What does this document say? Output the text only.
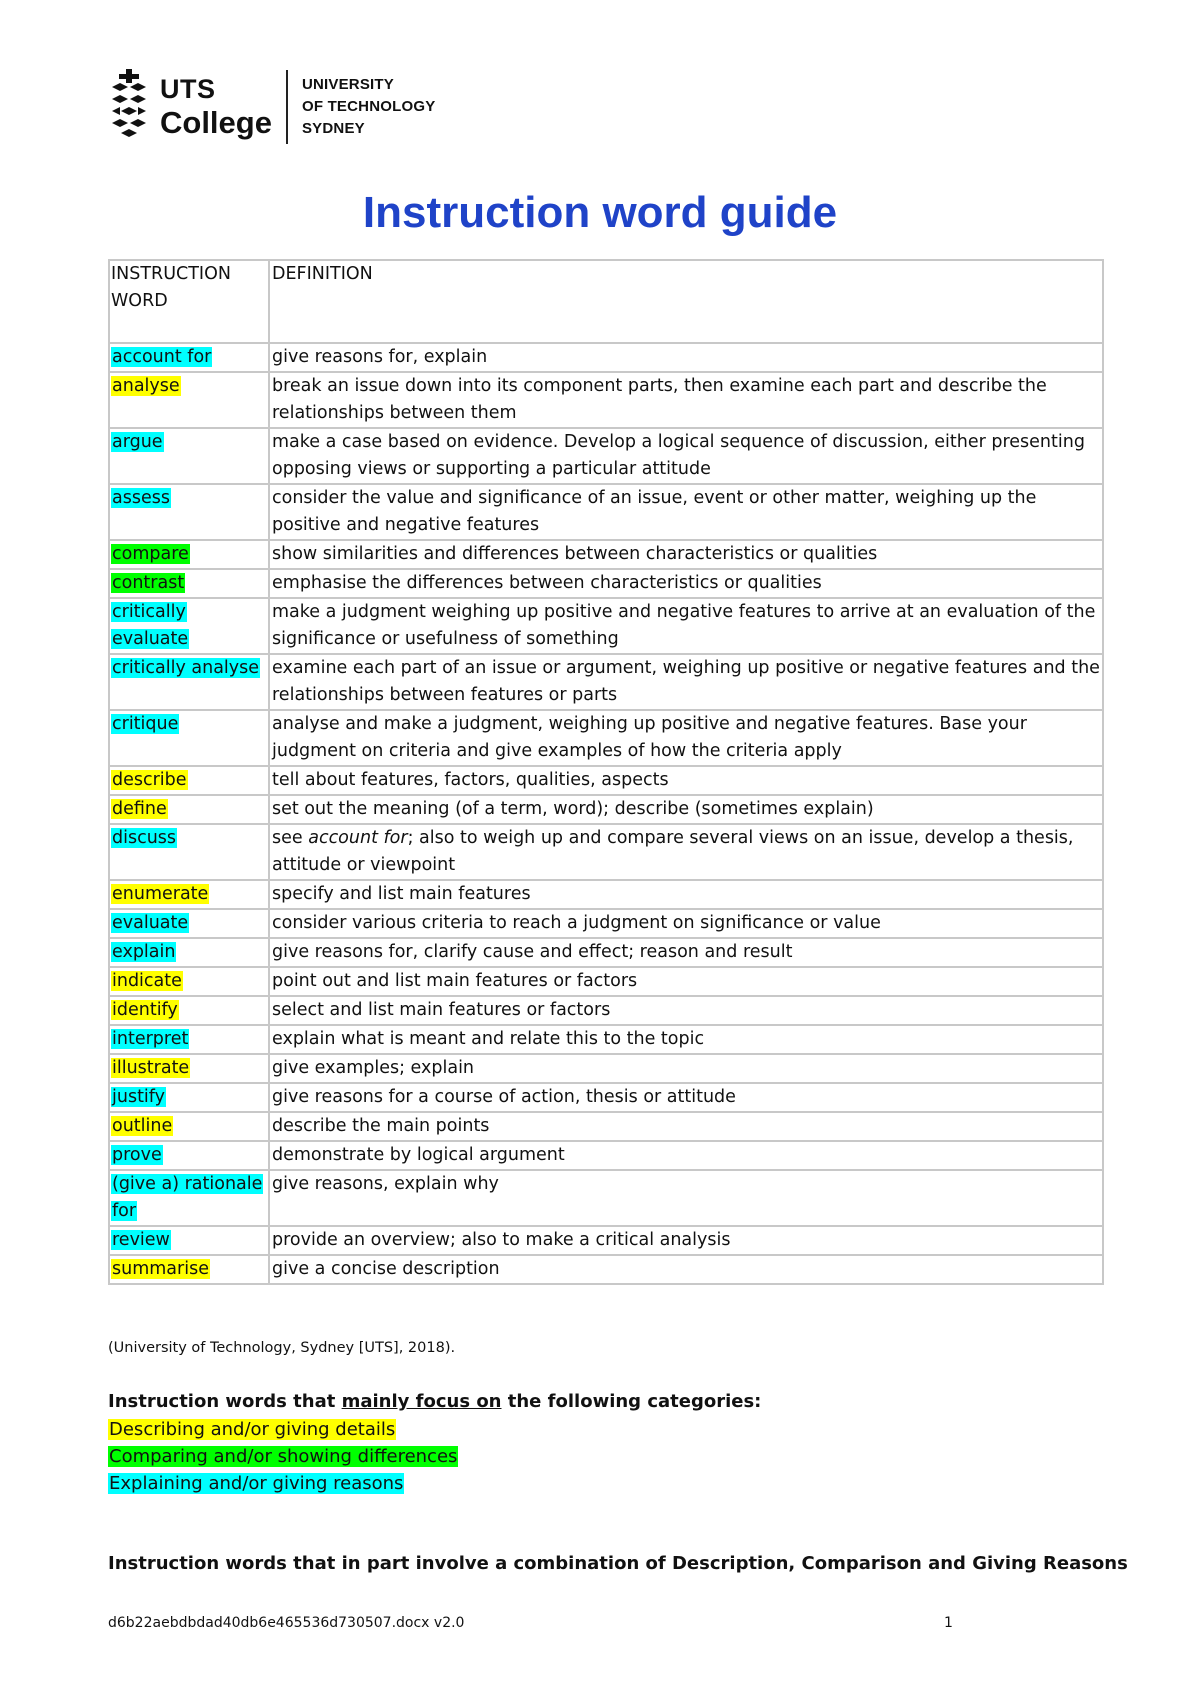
UTS
College
UNIVERSITY
OF TECHNOLOGY
SYDNEY
Instruction word guide
INSTRUCTION WORD	DEFINITION
account for	give reasons for, explain
analyse	break an issue down into its component parts, then examine each part and describe the relationships between them
argue	make a case based on evidence. Develop a logical sequence of discussion, either presenting opposing views or supporting a particular attitude
assess	consider the value and significance of an issue, event or other matter, weighing up the positive and negative features
compare	show similarities and differences between characteristics or qualities
contrast	emphasise the differences between characteristics or qualities
critically evaluate	make a judgment weighing up positive and negative features to arrive at an evaluation of the significance or usefulness of something
critically analyse	examine each part of an issue or argument, weighing up positive or negative features and the relationships between features or parts
critique	analyse and make a judgment, weighing up positive and negative features. Base your judgment on criteria and give examples of how the criteria apply
describe	tell about features, factors, qualities, aspects
define	set out the meaning (of a term, word); describe (sometimes explain)
discuss	see account for; also to weigh up and compare several views on an issue, develop a thesis, attitude or viewpoint
enumerate	specify and list main features
evaluate	consider various criteria to reach a judgment on significance or value
explain	give reasons for, clarify cause and effect; reason and result
indicate	point out and list main features or factors
identify	select and list main features or factors
interpret	explain what is meant and relate this to the topic
illustrate	give examples; explain
justify	give reasons for a course of action, thesis or attitude
outline	describe the main points
prove	demonstrate by logical argument
(give a) rationale for	give reasons, explain why
review	provide an overview; also to make a critical analysis
summarise	give a concise description
(University of Technology, Sydney [UTS], 2018).
Instruction words that mainly focus on the following categories:
Describing and/or giving details
Comparing and/or showing differences
Explaining and/or giving reasons
Instruction words that in part involve a combination of Description, Comparison and Giving Reasons
d6b22aebdbdad40db6e465536d730507.docx v2.0	1
